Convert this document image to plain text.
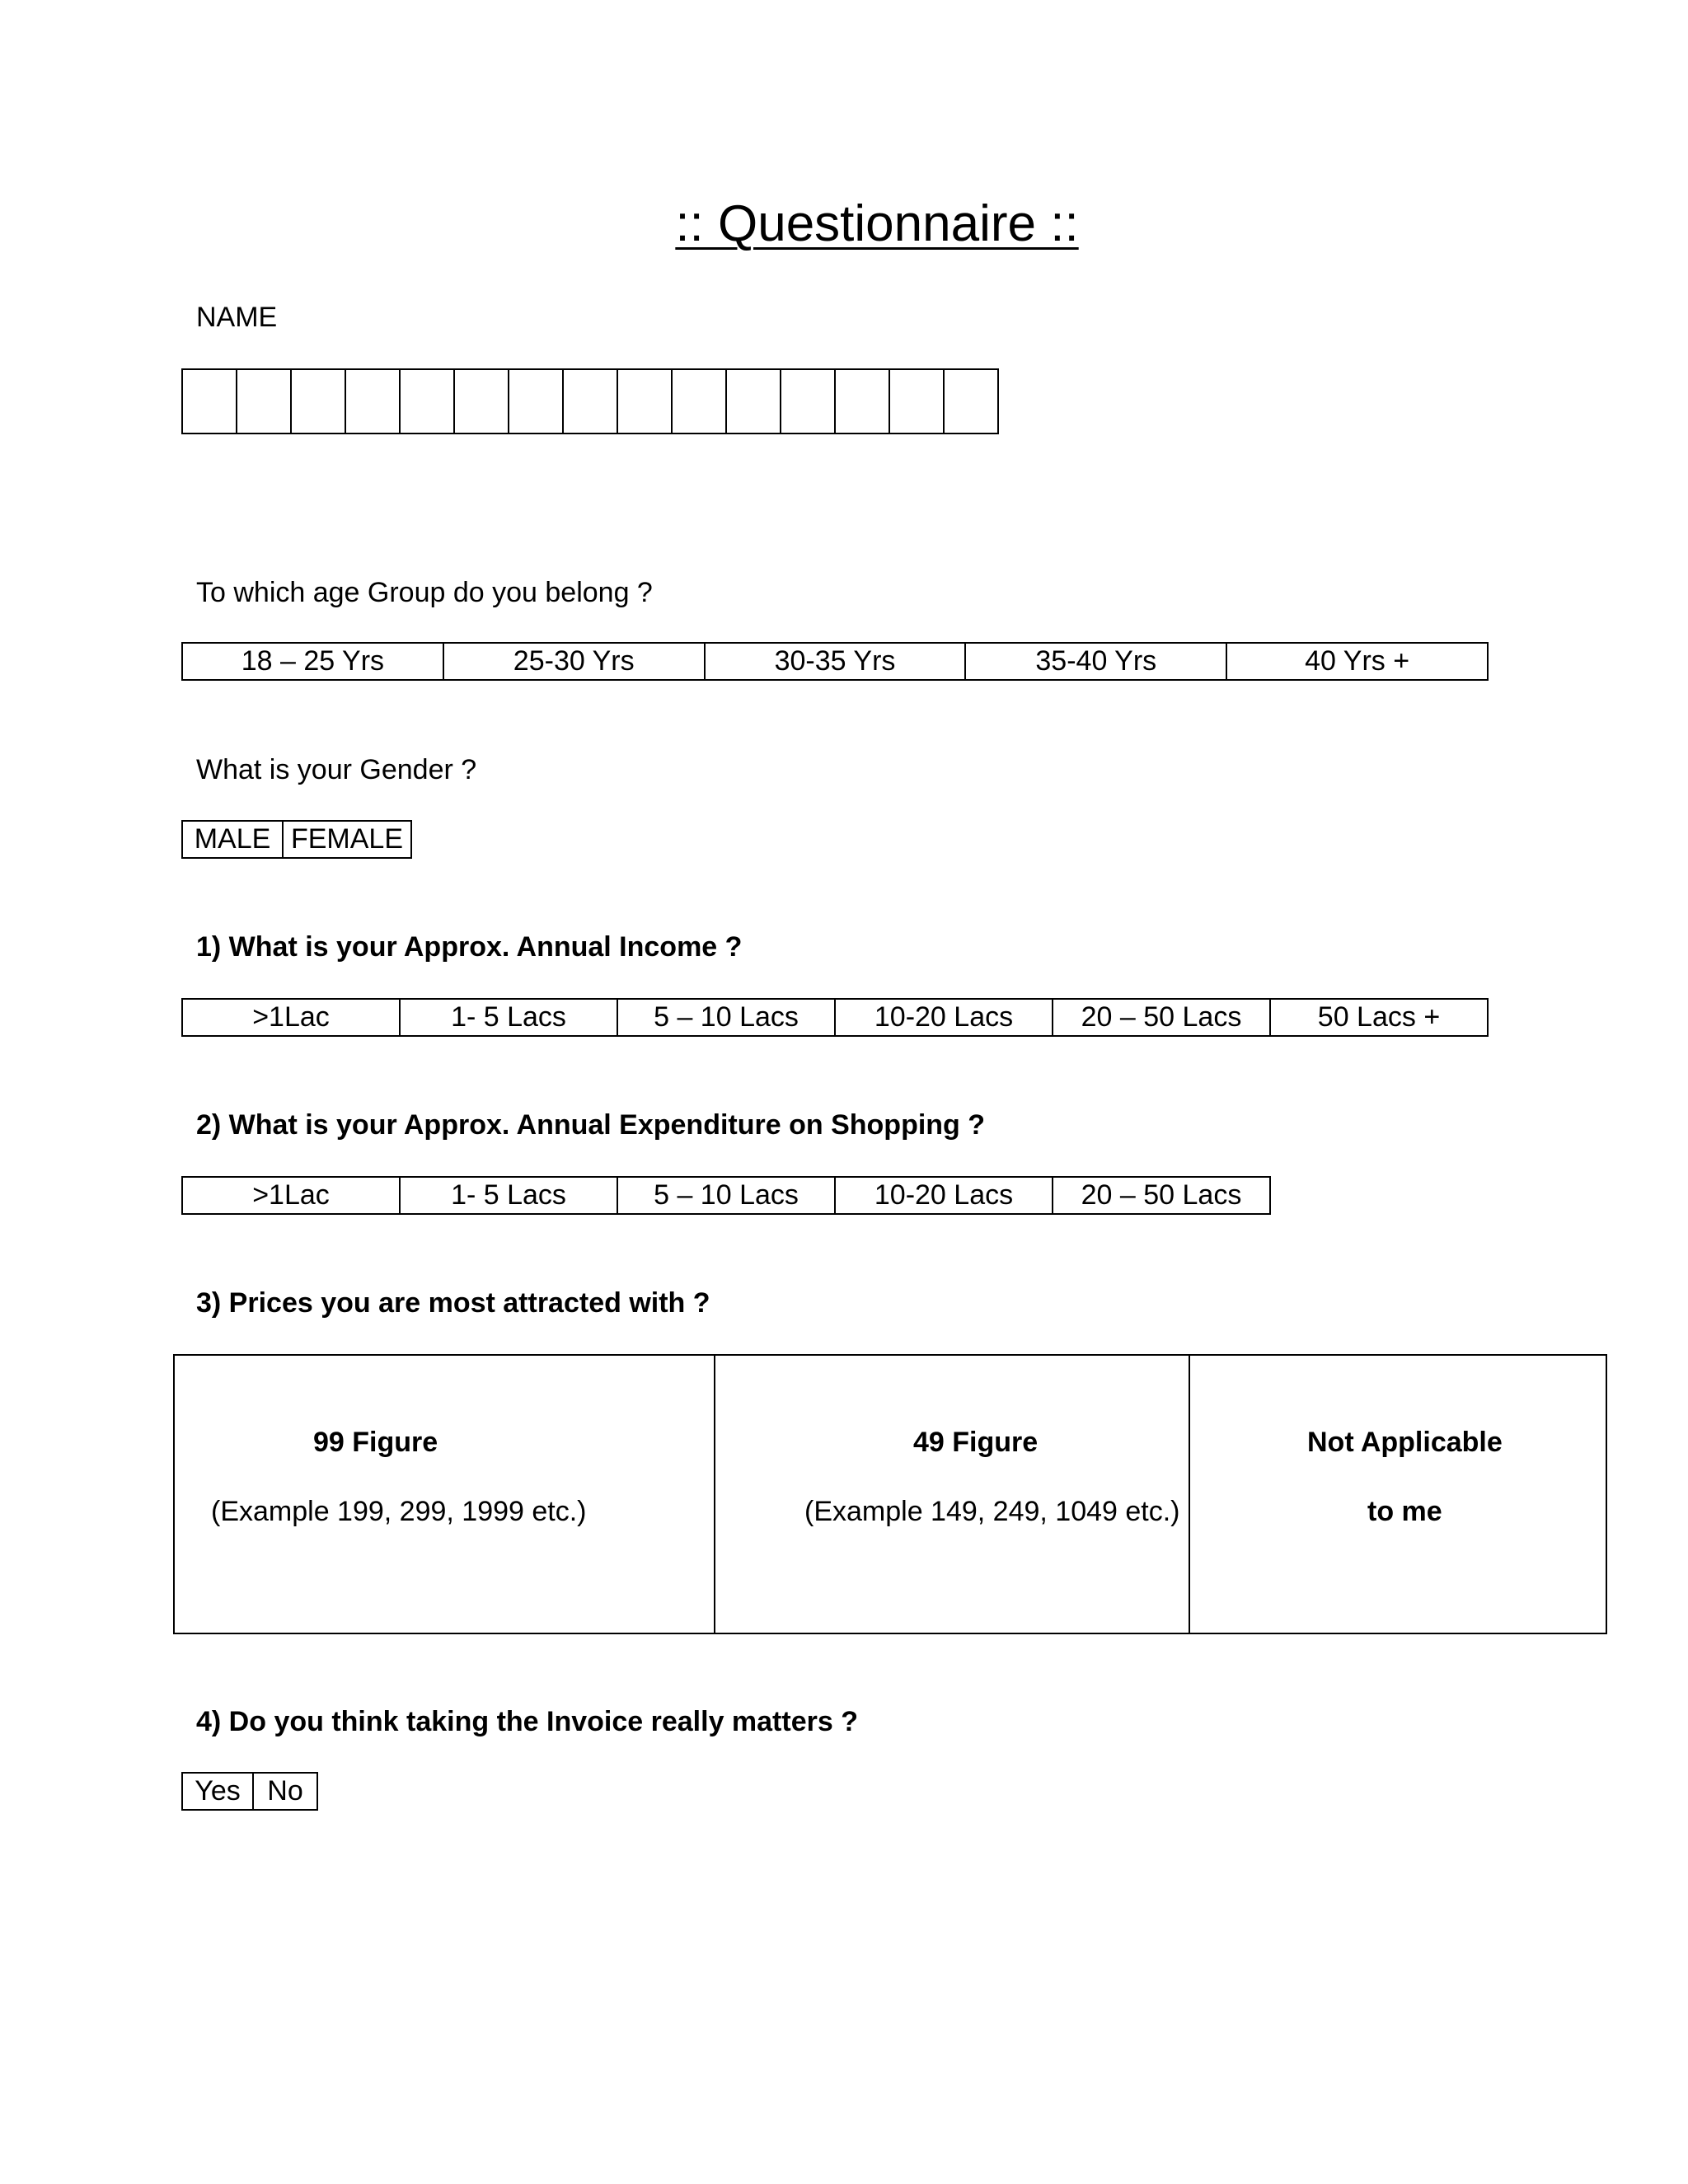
:: Questionnaire ::
NAME

To which age Group do you belong ?
18 – 25 Yrs	25-30 Yrs	30-35 Yrs	35-40 Yrs	40 Yrs +
What is your Gender ?
MALE	FEMALE
1) What is your Approx. Annual Income ?
>1Lac	1- 5 Lacs	5 – 10 Lacs	10-20 Lacs	20 – 50 Lacs	50 Lacs +
2) What is your Approx. Annual Expenditure on Shopping ?
>1Lac	1- 5 Lacs	5 – 10 Lacs	10-20 Lacs	20 – 50 Lacs
3) Prices you are most attracted with ?
99 Figure
(Example 199, 299, 1999 etc.)

49 Figure
(Example 149, 249, 1049 etc.)

Not Applicable
to me
4) Do you think taking the Invoice really matters ?
Yes	No
